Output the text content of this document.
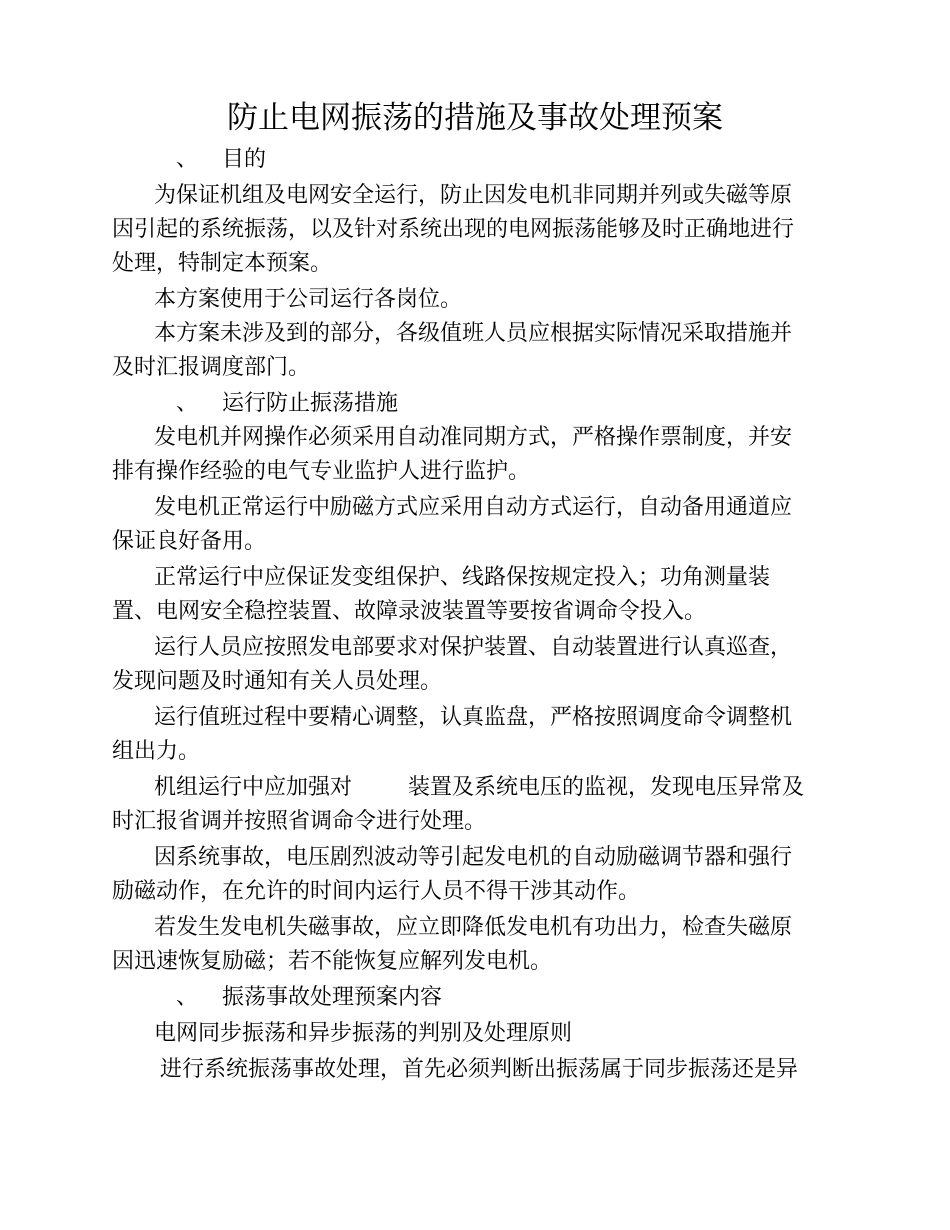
防止电网振荡的措施及事故处理预案
、 目的
为保证机组及电网安全运行，防止因发电机非同期并列或失磁等原
因引起的系统振荡，以及针对系统出现的电网振荡能够及时正确地进行
处理，特制定本预案。
本方案使用于公司运行各岗位。
本方案未涉及到的部分，各级值班人员应根据实际情况采取措施并
及时汇报调度部门。
、 运行防止振荡措施
发电机并网操作必须采用自动准同期方式，严格操作票制度，并安
排有操作经验的电气专业监护人进行监护。
发电机正常运行中励磁方式应采用自动方式运行，自动备用通道应
保证良好备用。
正常运行中应保证发变组保护、线路保按规定投入；功角测量装
置、电网安全稳控装置、故障录波装置等要按省调命令投入。
运行人员应按照发电部要求对保护装置、自动装置进行认真巡查，
发现问题及时通知有关人员处理。
运行值班过程中要精心调整，认真监盘，严格按照调度命令调整机
组出力。
机组运行中应加强对	装置及系统电压的监视，发现电压异常及
时汇报省调并按照省调命令进行处理。
因系统事故，电压剧烈波动等引起发电机的自动励磁调节器和强行
励磁动作，在允许的时间内运行人员不得干涉其动作。
若发生发电机失磁事故，应立即降低发电机有功出力，检查失磁原
因迅速恢复励磁；若不能恢复应解列发电机。
、 振荡事故处理预案内容
电网同步振荡和异步振荡的判别及处理原则
进行系统振荡事故处理，首先必须判断出振荡属于同步振荡还是异
